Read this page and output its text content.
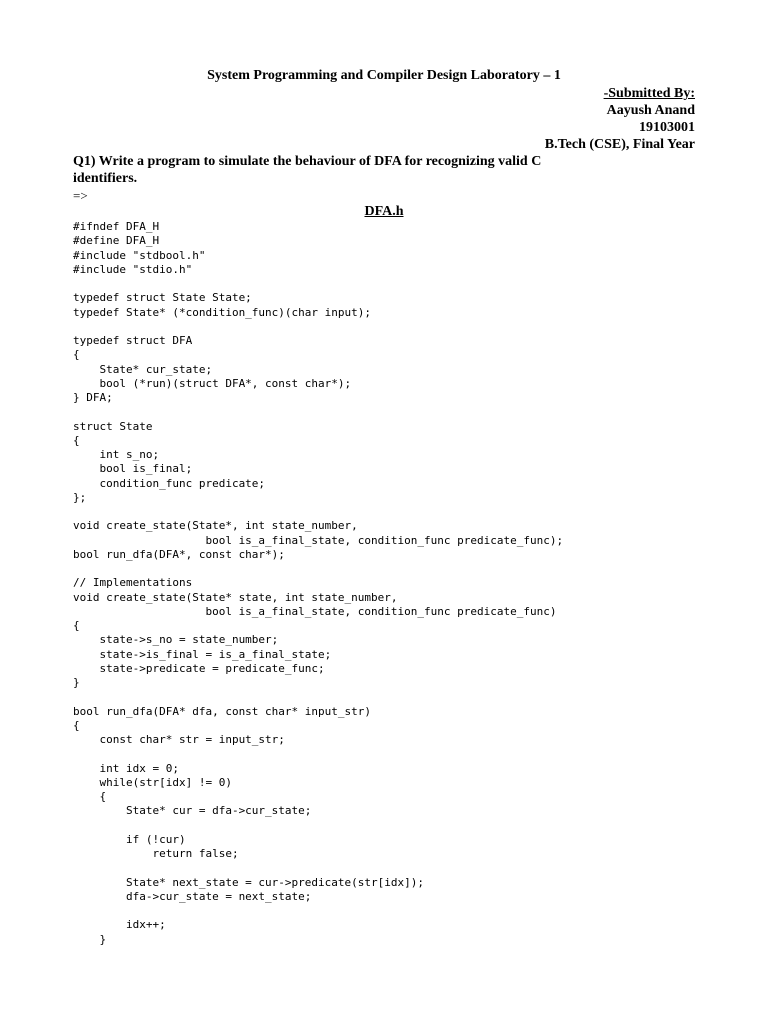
System Programming and Compiler Design Laboratory – 1
-Submitted By:
Aayush Anand
19103001
B.Tech (CSE), Final Year
Q1) Write a program to simulate the behaviour of DFA for recognizing valid C identifiers.
=>
DFA.h
#ifndef DFA_H
#define DFA_H
#include "stdbool.h"
#include "stdio.h"

typedef struct State State;
typedef State* (*condition_func)(char input);

typedef struct DFA
{
State* cur_state;
bool (*run)(struct DFA*, const char*);
} DFA;

struct State
{
int s_no;
bool is_final;
condition_func predicate;
};

void create_state(State*, int state_number,
bool is_a_final_state, condition_func predicate_func);
bool run_dfa(DFA*, const char*);

// Implementations
void create_state(State* state, int state_number,
bool is_a_final_state, condition_func predicate_func)
{
state->s_no = state_number;
state->is_final = is_a_final_state;
state->predicate = predicate_func;
}

bool run_dfa(DFA* dfa, const char* input_str)
{
const char* str = input_str;

int idx = 0;
while(str[idx] != 0)
{
State* cur = dfa->cur_state;

if (!cur)
return false;

State* next_state = cur->predicate(str[idx]);
dfa->cur_state = next_state;

idx++;
}
